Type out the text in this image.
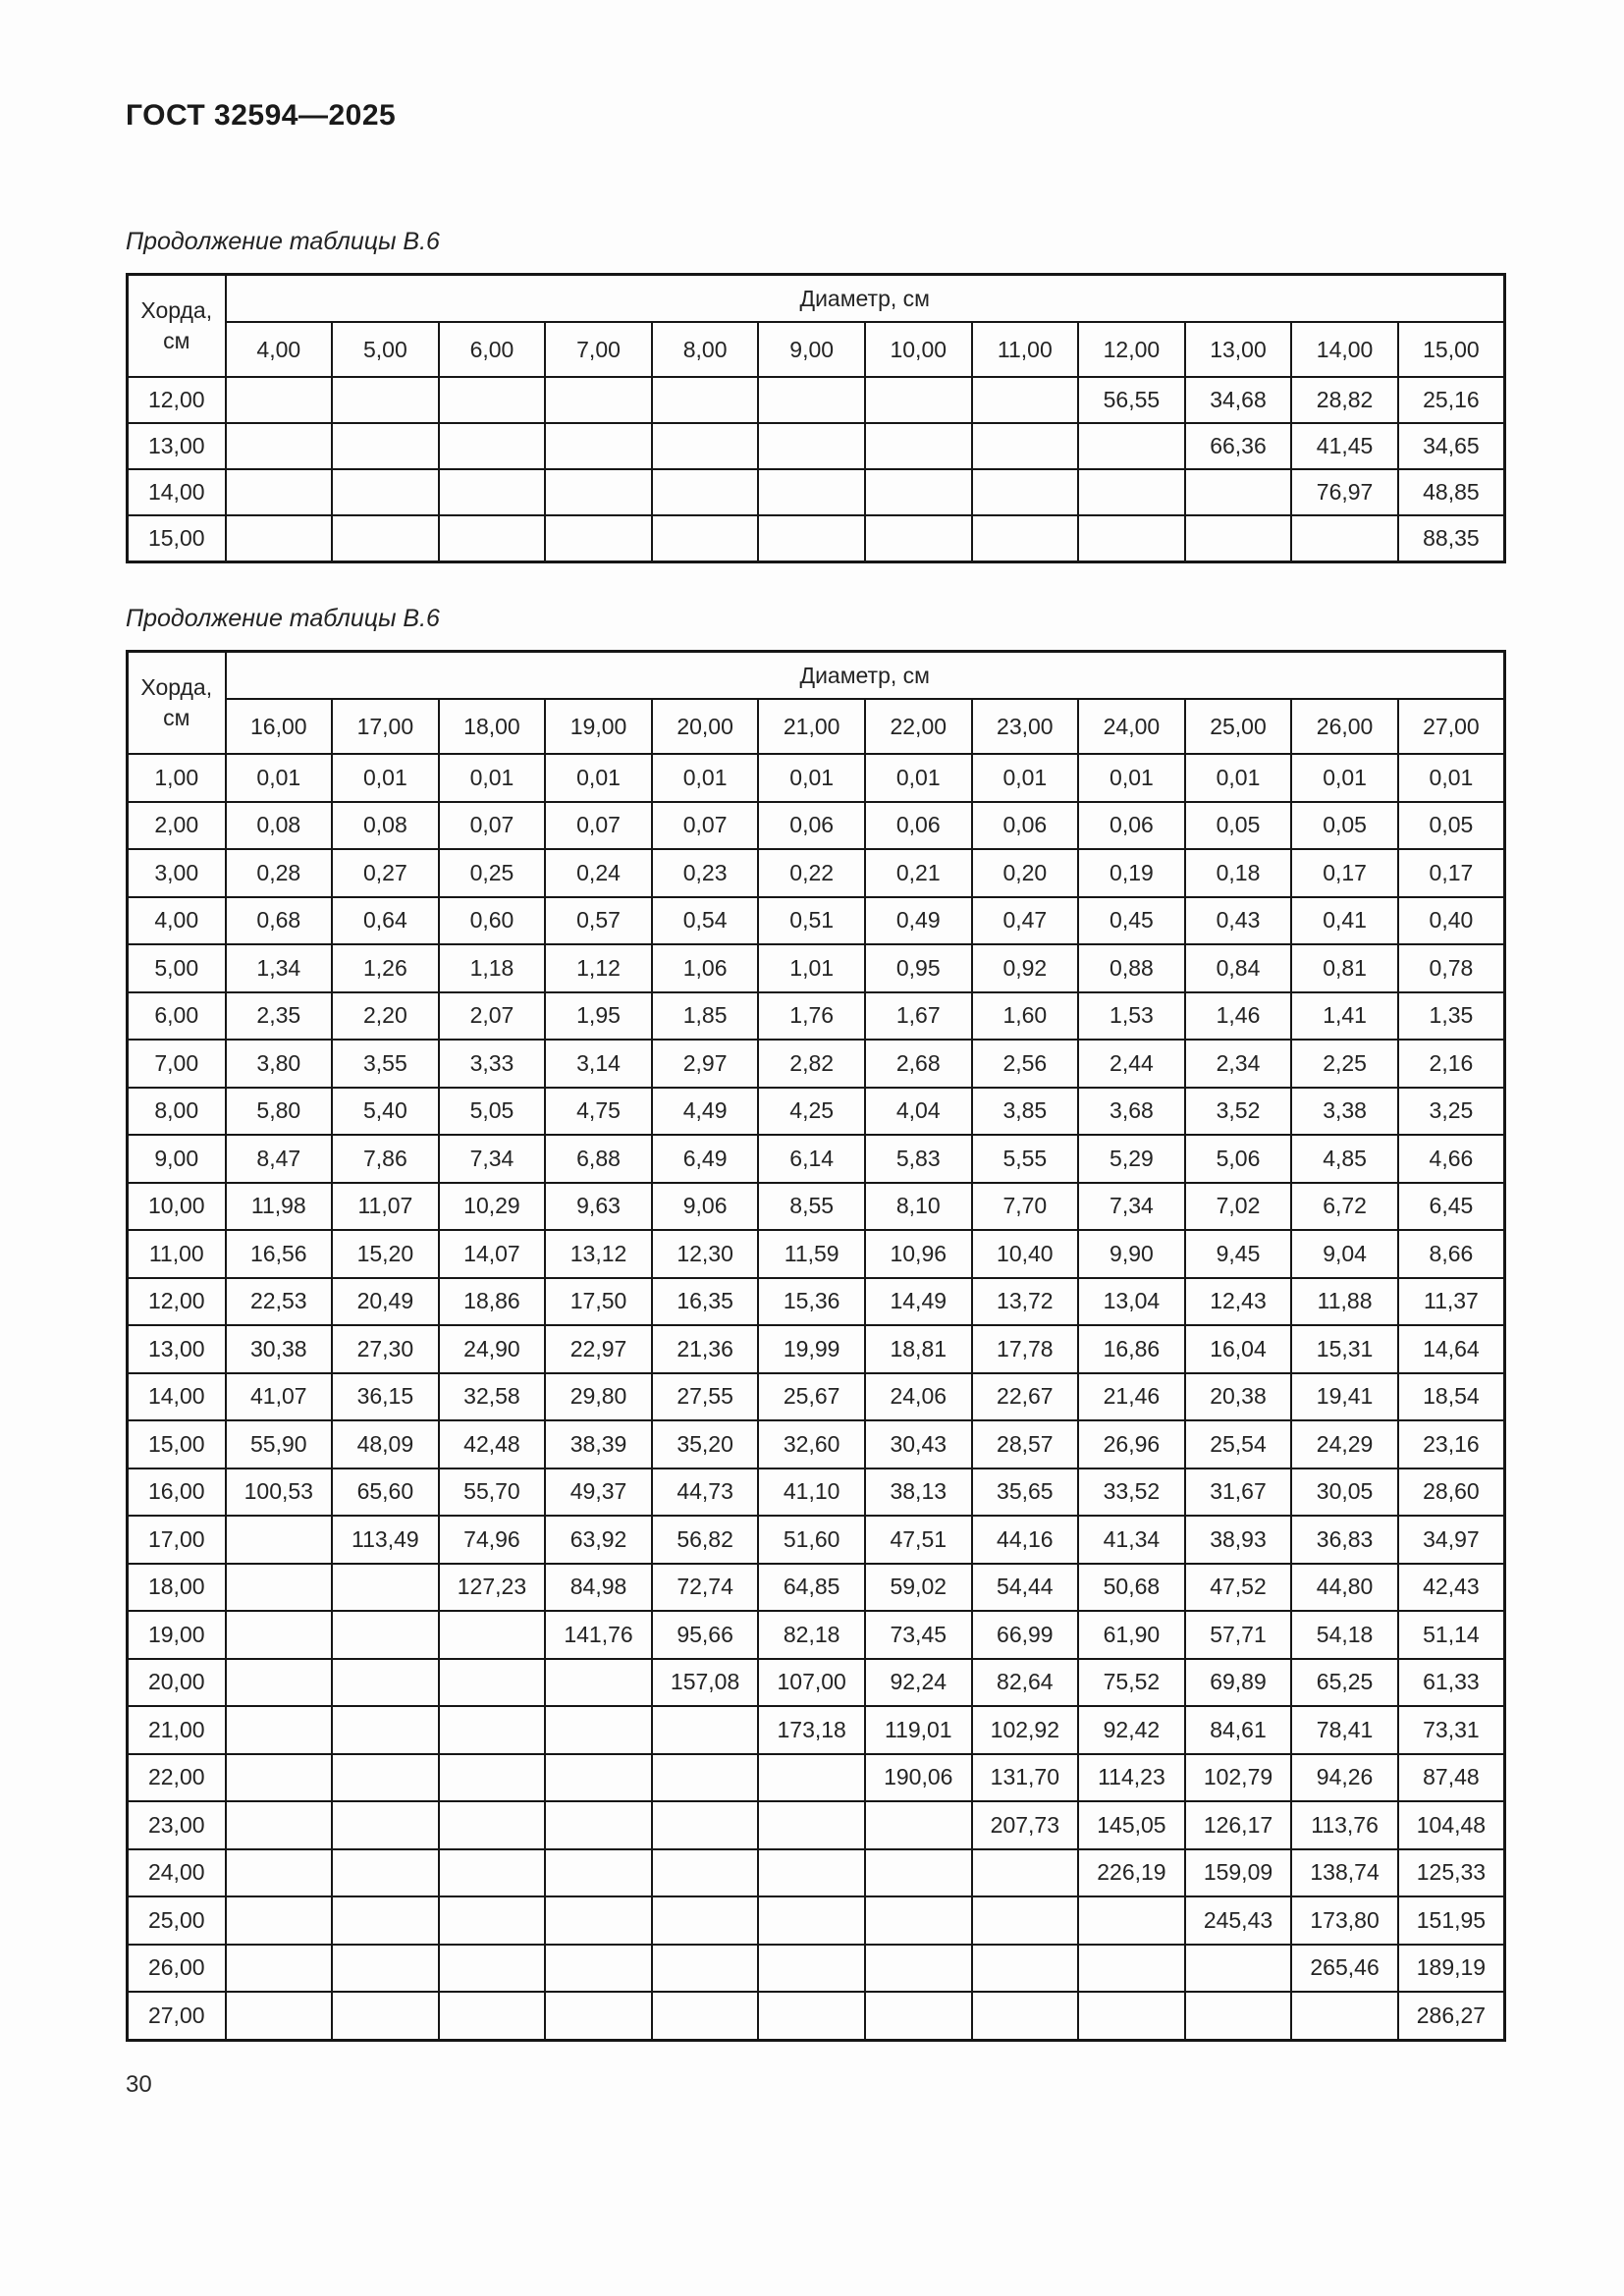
ГОСТ 32594—2025
Продолжение таблицы В.6
Хорда,
см	Диаметр, см											
	4,00	5,00	6,00	7,00	8,00	9,00	10,00	11,00	12,00	13,00	14,00	15,00
12,00									56,55	34,68	28,82	25,16
13,00										66,36	41,45	34,65
14,00											76,97	48,85
15,00												88,35
Продолжение таблицы В.6
Хорда,
см	Диаметр, см											
	16,00	17,00	18,00	19,00	20,00	21,00	22,00	23,00	24,00	25,00	26,00	27,00
1,00	0,01	0,01	0,01	0,01	0,01	0,01	0,01	0,01	0,01	0,01	0,01	0,01
2,00	0,08	0,08	0,07	0,07	0,07	0,06	0,06	0,06	0,06	0,05	0,05	0,05
3,00	0,28	0,27	0,25	0,24	0,23	0,22	0,21	0,20	0,19	0,18	0,17	0,17
4,00	0,68	0,64	0,60	0,57	0,54	0,51	0,49	0,47	0,45	0,43	0,41	0,40
5,00	1,34	1,26	1,18	1,12	1,06	1,01	0,95	0,92	0,88	0,84	0,81	0,78
6,00	2,35	2,20	2,07	1,95	1,85	1,76	1,67	1,60	1,53	1,46	1,41	1,35
7,00	3,80	3,55	3,33	3,14	2,97	2,82	2,68	2,56	2,44	2,34	2,25	2,16
8,00	5,80	5,40	5,05	4,75	4,49	4,25	4,04	3,85	3,68	3,52	3,38	3,25
9,00	8,47	7,86	7,34	6,88	6,49	6,14	5,83	5,55	5,29	5,06	4,85	4,66
10,00	11,98	11,07	10,29	9,63	9,06	8,55	8,10	7,70	7,34	7,02	6,72	6,45
11,00	16,56	15,20	14,07	13,12	12,30	11,59	10,96	10,40	9,90	9,45	9,04	8,66
12,00	22,53	20,49	18,86	17,50	16,35	15,36	14,49	13,72	13,04	12,43	11,88	11,37
13,00	30,38	27,30	24,90	22,97	21,36	19,99	18,81	17,78	16,86	16,04	15,31	14,64
14,00	41,07	36,15	32,58	29,80	27,55	25,67	24,06	22,67	21,46	20,38	19,41	18,54
15,00	55,90	48,09	42,48	38,39	35,20	32,60	30,43	28,57	26,96	25,54	24,29	23,16
16,00	100,53	65,60	55,70	49,37	44,73	41,10	38,13	35,65	33,52	31,67	30,05	28,60
17,00		113,49	74,96	63,92	56,82	51,60	47,51	44,16	41,34	38,93	36,83	34,97
18,00			127,23	84,98	72,74	64,85	59,02	54,44	50,68	47,52	44,80	42,43
19,00				141,76	95,66	82,18	73,45	66,99	61,90	57,71	54,18	51,14
20,00					157,08	107,00	92,24	82,64	75,52	69,89	65,25	61,33
21,00						173,18	119,01	102,92	92,42	84,61	78,41	73,31
22,00							190,06	131,70	114,23	102,79	94,26	87,48
23,00								207,73	145,05	126,17	113,76	104,48
24,00									226,19	159,09	138,74	125,33
25,00										245,43	173,80	151,95
26,00											265,46	189,19
27,00												286,27
30
